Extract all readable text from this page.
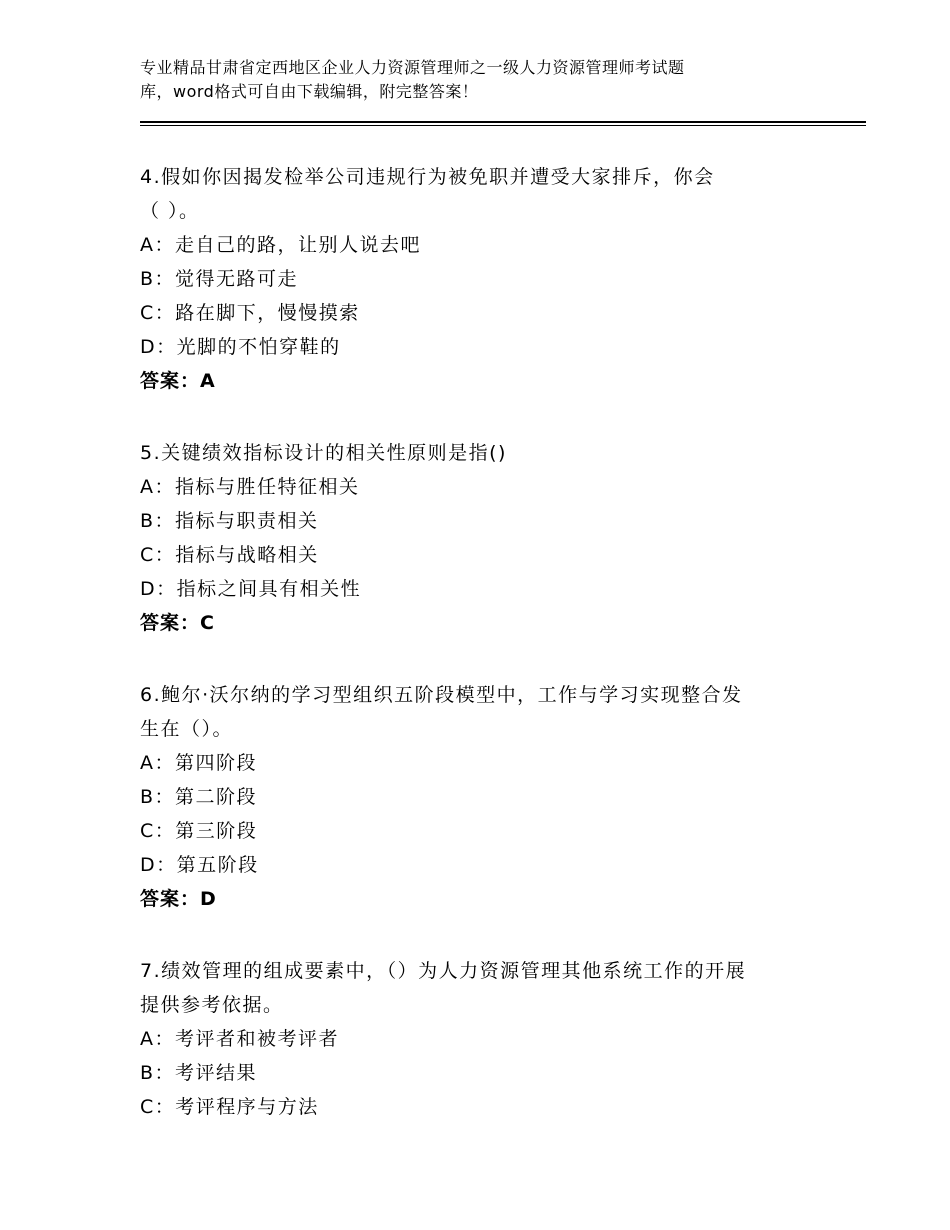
专业精品甘肃省定西地区企业人力资源管理师之一级人力资源管理师考试题
库，word格式可自由下载编辑，附完整答案！
4.假如你因揭发检举公司违规行为被免职并遭受大家排斥，你会
（ ）。
A：走自己的路，让别人说去吧
B：觉得无路可走
C：路在脚下，慢慢摸索
D：光脚的不怕穿鞋的
答案：A
5.关键绩效指标设计的相关性原则是指()
A：指标与胜任特征相关
B：指标与职责相关
C：指标与战略相关
D：指标之间具有相关性
答案：C
6.鲍尔·沃尔纳的学习型组织五阶段模型中，工作与学习实现整合发
生在（）。
A：第四阶段
B：第二阶段
C：第三阶段
D：第五阶段
答案：D
7.绩效管理的组成要素中，（）为人力资源管理其他系统工作的开展
提供参考依据。
A：考评者和被考评者
B：考评结果
C：考评程序与方法
